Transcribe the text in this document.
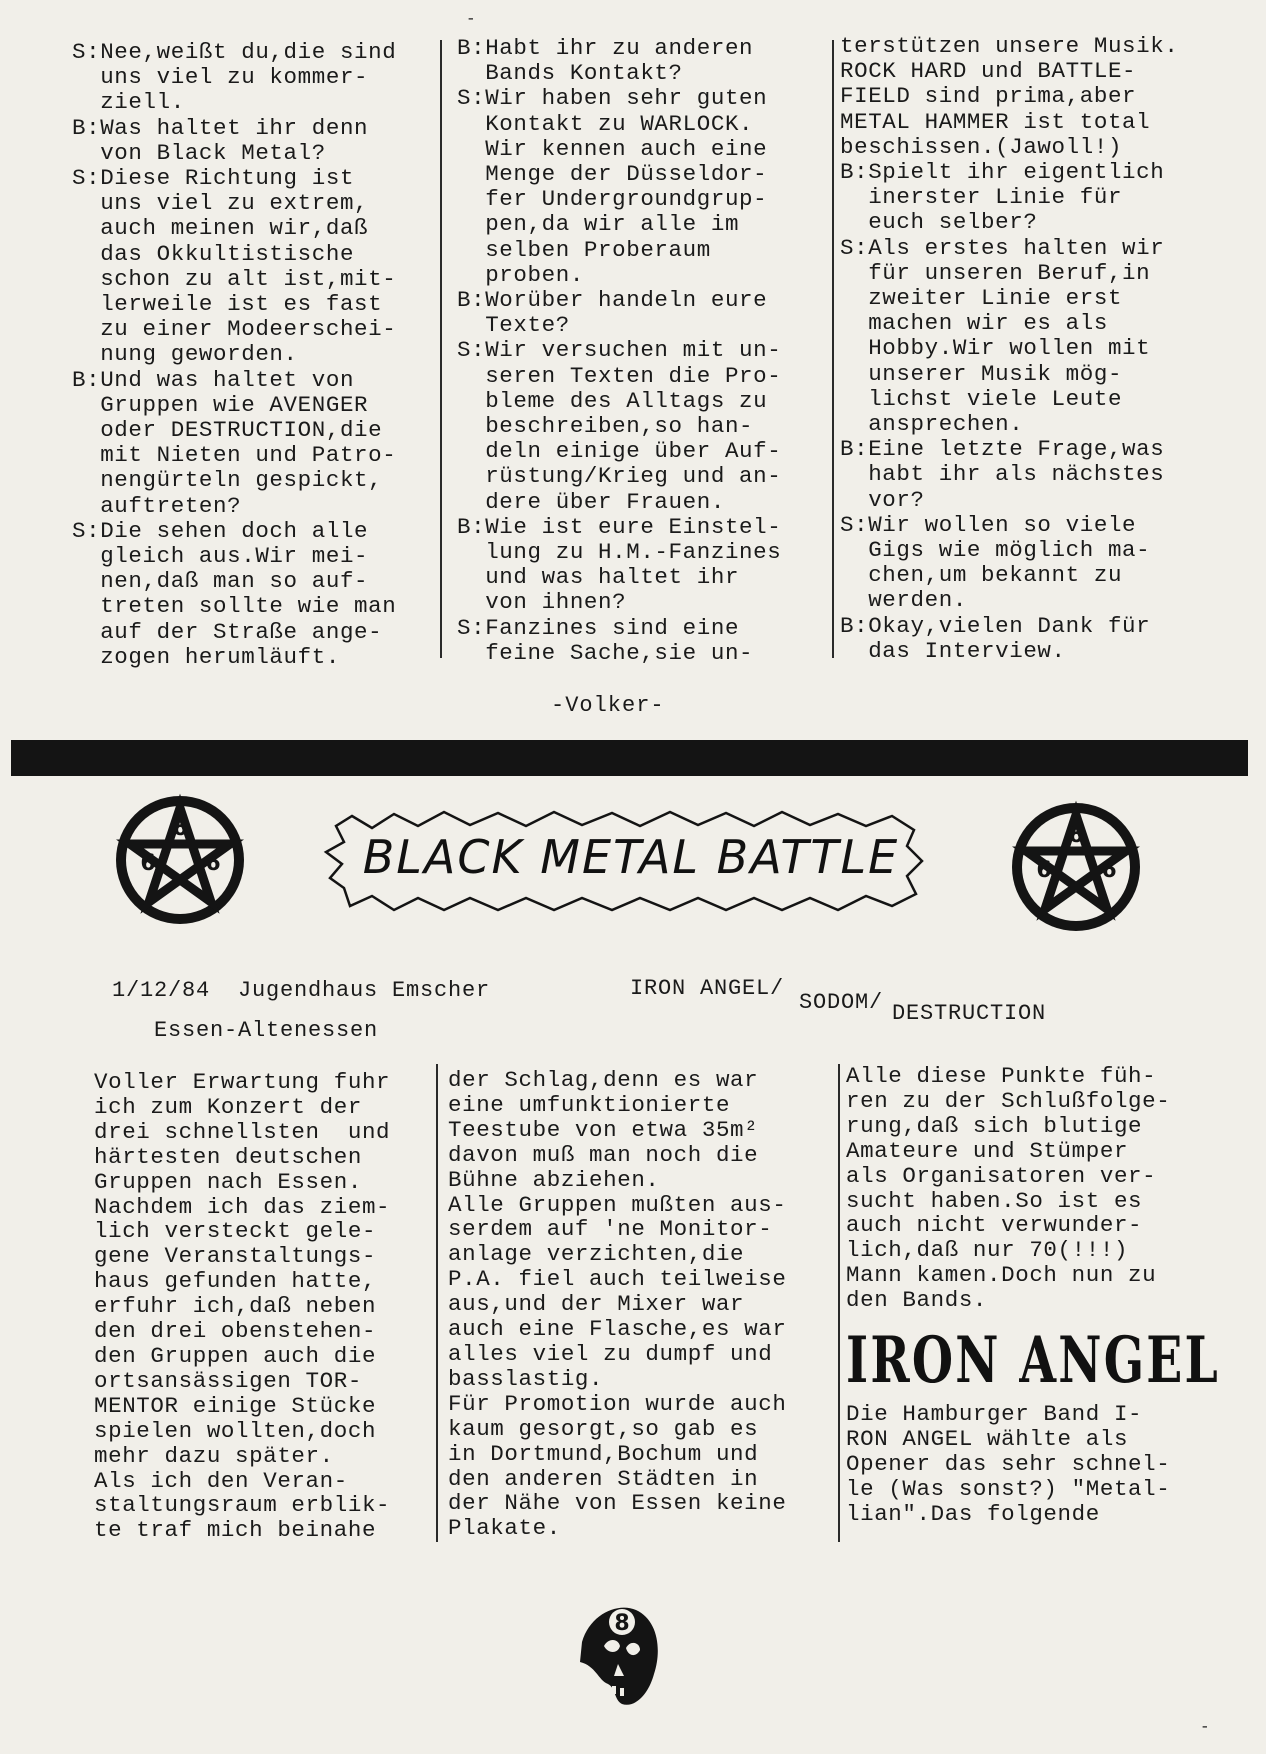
S:Nee,weißt du,die sind
uns viel zu kommer-
ziell.
B:Was haltet ihr denn
von Black Metal?
S:Diese Richtung ist
uns viel zu extrem,
auch meinen wir,daß
das Okkultistische
schon zu alt ist,mit-
lerweile ist es fast
zu einer Modeerschei-
nung geworden.
B:Und was haltet von
Gruppen wie AVENGER
oder DESTRUCTION,die
mit Nieten und Patro-
nengürteln gespickt,
auftreten?
S:Die sehen doch alle
gleich aus.Wir mei-
nen,daß man so auf-
treten sollte wie man
auf der Straße ange-
zogen herumläuft.
B:Habt ihr zu anderen
Bands Kontakt?
S:Wir haben sehr guten
Kontakt zu WARLOCK.
Wir kennen auch eine
Menge der Düsseldor-
fer Undergroundgrup-
pen,da wir alle im
selben Proberaum
proben.
B:Worüber handeln eure
Texte?
S:Wir versuchen mit un-
seren Texten die Pro-
bleme des Alltags zu
beschreiben,so han-
deln einige über Auf-
rüstung/Krieg und an-
dere über Frauen.
B:Wie ist eure Einstel-
lung zu H.M.-Fanzines
und was haltet ihr
von ihnen?
S:Fanzines sind eine
feine Sache,sie un-
terstützen unsere Musik.
ROCK HARD und BATTLE-
FIELD sind prima,aber
METAL HAMMER ist total
beschissen.(Jawoll!)
B:Spielt ihr eigentlich
inerster Linie für
euch selber?
S:Als erstes halten wir
für unseren Beruf,in
zweiter Linie erst
machen wir es als
Hobby.Wir wollen mit
unserer Musik mög-
lichst viele Leute
ansprechen.
B:Eine letzte Frage,was
habt ihr als nächstes
vor?
S:Wir wollen so viele
Gigs wie möglich ma-
chen,um bekannt zu
werden.
B:Okay,vielen Dank für
das Interview.
-Volker-
6
6 6	BLACK METAL BATTLE	6
6 6
1/12/84  Jugendhaus Emscher
Essen-Altenessen
IRON ANGEL/
SODOM/ DESTRUCTION
Voller Erwartung fuhr
ich zum Konzert der
drei schnellsten  und
härtesten deutschen
Gruppen nach Essen.
Nachdem ich das ziem-
lich versteckt gele-
gene Veranstaltungs-
haus gefunden hatte,
erfuhr ich,daß neben
den drei obenstehen-
den Gruppen auch die
ortsansässigen TOR-
MENTOR einige Stücke
spielen wollten,doch
mehr dazu später.
Als ich den Veran-
staltungsraum erblik-
te traf mich beinahe
der Schlag,denn es war
eine umfunktionierte
Teestube von etwa 35m²
davon muß man noch die
Bühne abziehen.
Alle Gruppen mußten aus-
serdem auf 'ne Monitor-
anlage verzichten,die
P.A. fiel auch teilweise
aus,und der Mixer war
auch eine Flasche,es war
alles viel zu dumpf und
basslastig.
Für Promotion wurde auch
kaum gesorgt,so gab es
in Dortmund,Bochum und
den anderen Städten in
der Nähe von Essen keine
Plakate.
Alle diese Punkte füh-
ren zu der Schlußfolge-
rung,daß sich blutige
Amateure und Stümper
als Organisatoren ver-
sucht haben.So ist es
auch nicht verwunder-
lich,daß nur 70(!!!)
Mann kamen.Doch nun zu
den Bands.
IRON ANGEL
Die Hamburger Band I-
RON ANGEL wählte als
Opener das sehr schnel-
le (Was sonst?) "Metal-
lian".Das folgende
8
-
-
